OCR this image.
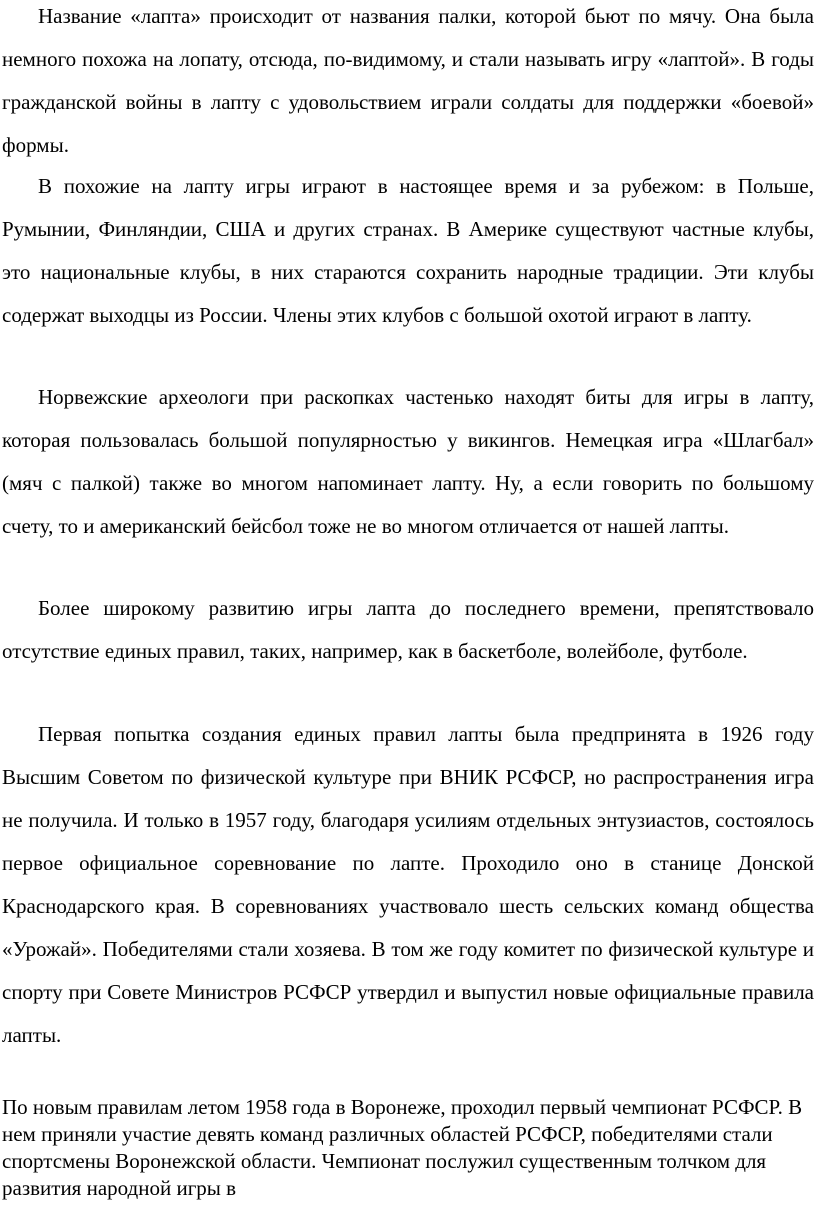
Название «лапта» происходит от названия палки, которой бьют по мячу. Она была немного похожа на лопату, отсюда, по-видимому, и стали называть игру «лаптой». В годы гражданской войны в лапту с удовольствием играли солдаты для поддержки «боевой» формы.

В похожие на лапту игры играют в настоящее время и за рубежом: в Польше, Румынии, Финляндии, США и других странах. В Америке существуют частные клубы, это национальные клубы, в них стараются сохранить народные традиции. Эти клубы содержат выходцы из России. Члены этих клубов с большой охотой играют в лапту.

Норвежские археологи при раскопках частенько находят биты для игры в лапту, которая пользовалась большой популярностью у викингов. Немецкая игра «Шлагбал» (мяч с палкой) также во многом напоминает лапту. Ну, а если говорить по большому счету, то и американский бейсбол тоже не во многом отличается от нашей лапты.

Более широкому развитию игры лапта до последнего времени, препятствовало отсутствие единых правил, таких, например, как в баскетболе, волейболе, футболе.

Первая попытка создания единых правил лапты была предпринята в 1926 году Высшим Советом по физической культуре при ВНИК РСФСР, но распространения игра не получила. И только в 1957 году, благодаря усилиям отдельных энтузиастов, состоялось первое официальное соревнование по лапте. Проходило оно в станице Донской Краснодарского края. В соревнованиях участвовало шесть сельских команд общества «Урожай». Победителями стали хозяева. В том же году комитет по физической культуре и спорту при Совете Министров РСФСР утвердил и выпустил новые официальные правила лапты.

По новым правилам летом 1958 года в Воронеже, проходил первый чемпионат РСФСР. В нем приняли участие девять команд различных областей РСФСР, победителями стали спортсмены Воронежской области. Чемпионат послужил существенным толчком для развития народной игры в
